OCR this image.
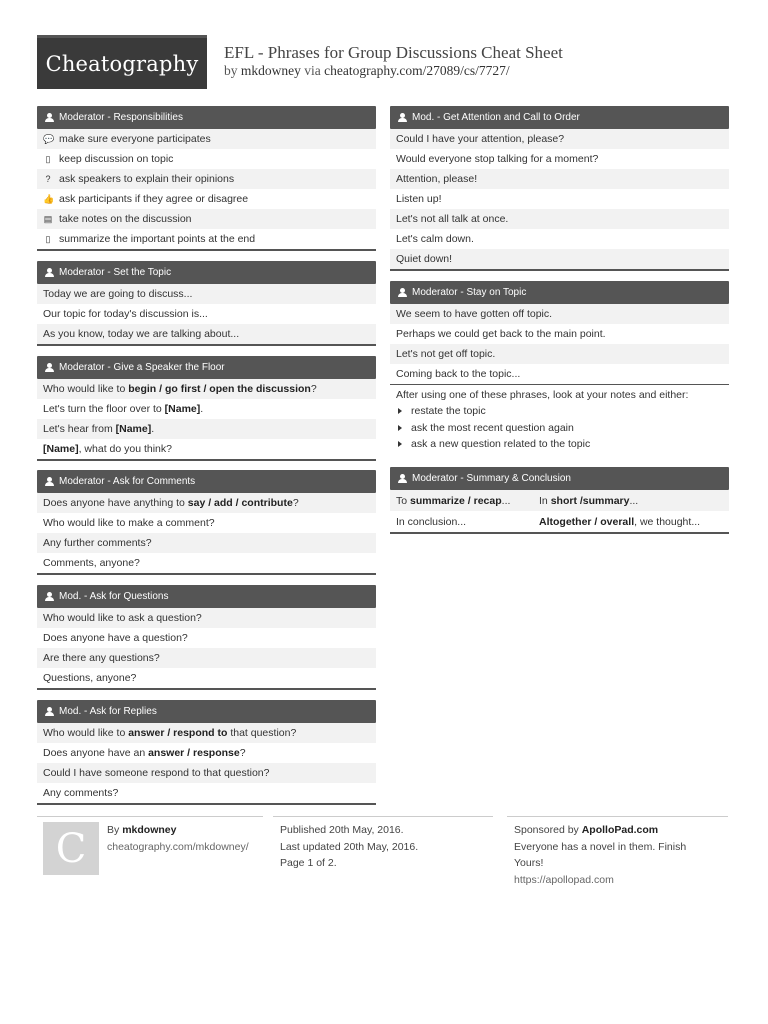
Cheatography EFL - Phrases for Group Discussions Cheat Sheet
by mkdowney via cheatography.com/27089/cs/7727/
Moderator - Responsibilities
💬 make sure everyone participates
▯ keep discussion on topic
? ask speakers to explain their opinions
👍 ask participants if they agree or disagree
▤ take notes on the discussion
▯ summarize the important points at the end
Moderator - Set the Topic
Today we are going to discuss...
Our topic for today's discussion is...
As you know, today we are talking about...
Moderator - Give a Speaker the Floor
Who would like to begin / go first / open the discussion ?
Let's turn the floor over to [Name] .
Let's hear from [Name] .
[Name] , what do you think?
Moderator - Ask for Comments
Does anyone have anything to say / add / contribute ?
Who would like to make a comment?
Any further comments?
Comments, anyone?
Mod. - Ask for Questions
Who would like to ask a question?
Does anyone have a question?
Are there any questions?
Questions, anyone?
Mod. - Ask for Replies
Who would like to answer / respond to that question?
Does anyone have an answer / response ?
Could I have someone respond to that question?
Any comments?
Mod. - Get Attention and Call to Order
Could I have your attention, please?
Would everyone stop talking for a moment?
Attention, please!
Listen up!
Let's not all talk at once.
Let's calm down.
Quiet down!
Moderator - Stay on Topic
We seem to have gotten off topic.
Perhaps we could get back to the main point.
Let's not get off topic.
Coming back to the topic...
After using one of these phrases, look at your notes and either:
restate the topic
ask the most recent question again
ask a new question related to the topic
Moderator - Summary & Conclusion
To summarize / recap...	In short /summary...
In conclusion...	Altogether / overall, we thought...
C By mkdowney
cheatography.com/mkdowney/
Published 20th May, 2016.
Last updated 20th May, 2016.
Page 1 of 2.
Sponsored by ApolloPad.com
Everyone has a novel in them. Finish
Yours!
https://apollopad.com
